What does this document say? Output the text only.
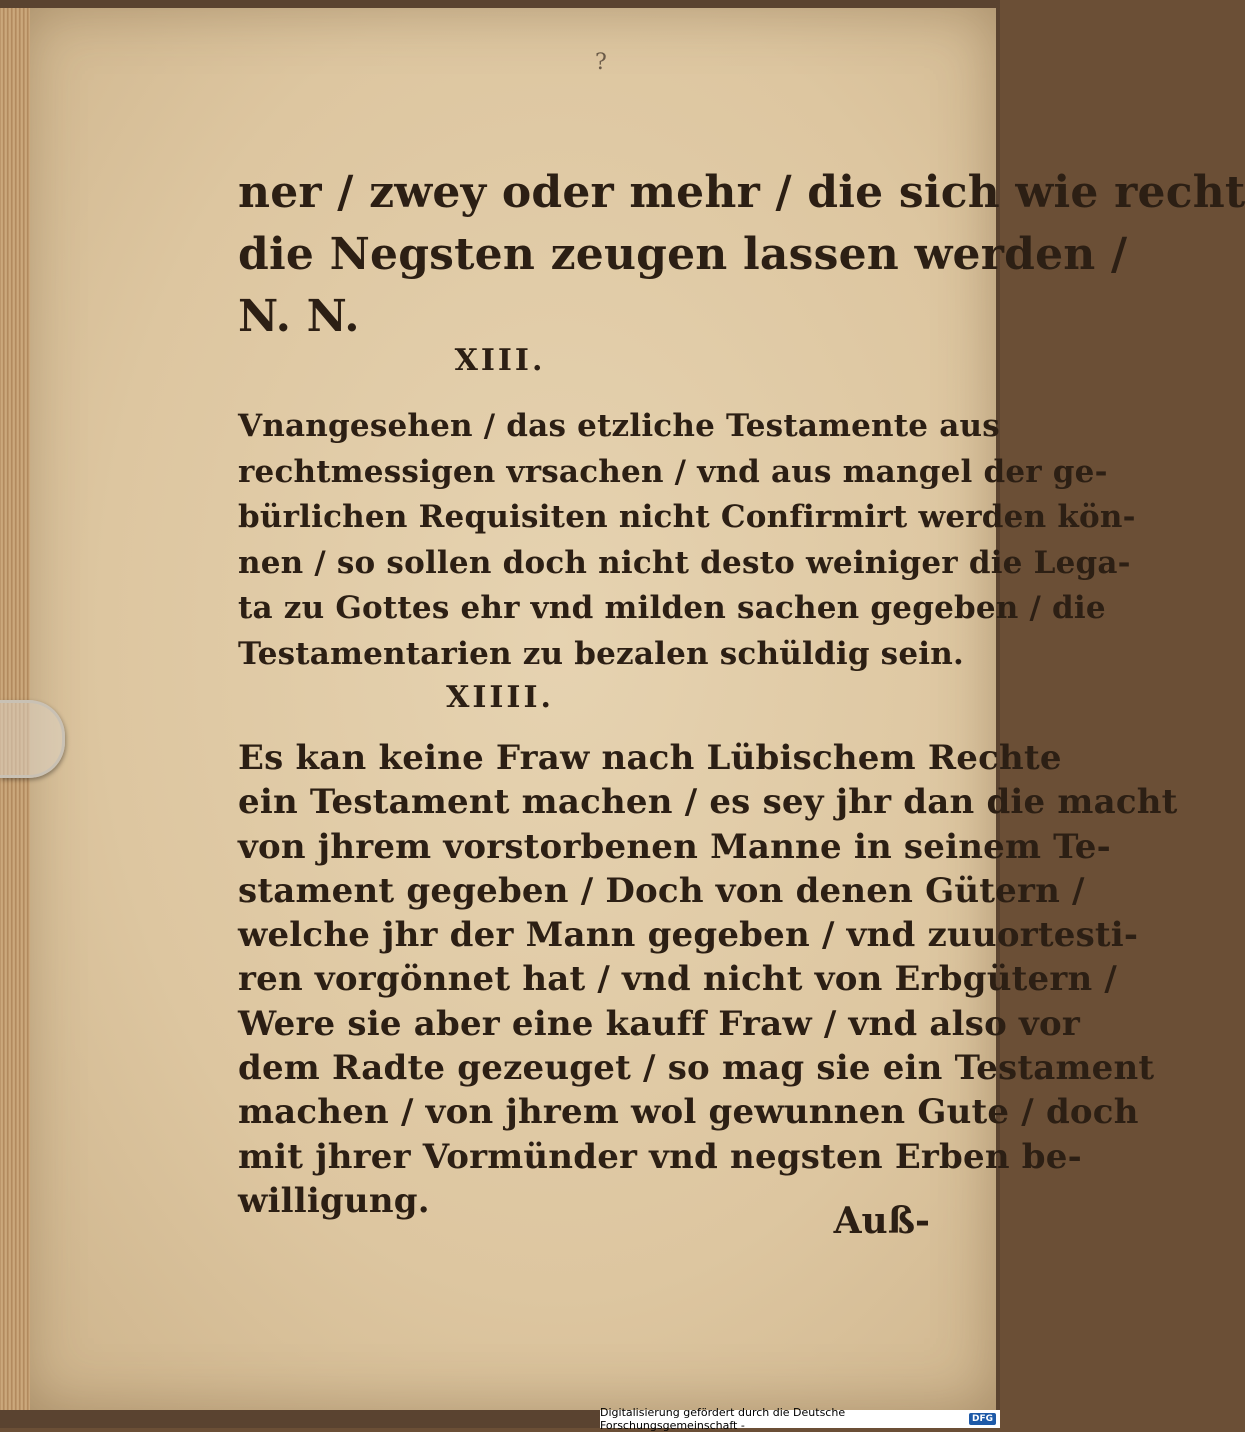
?
ner / zwey oder mehr / die sich wie recht
die Negsten zeugen lassen werden /
N. N.
XIII.
Vnangesehen / das etzliche Testamente aus
rechtmessigen vrsachen / vnd aus mangel der ge-
bürlichen Requisiten nicht Confirmirt werden kön-
nen / so sollen doch nicht desto weiniger die Lega-
ta zu Gottes ehr vnd milden sachen gegeben / die
Testamentarien zu bezalen schüldig sein.
XIIII.
Es kan keine Fraw nach Lübischem Rechte
ein Testament machen / es sey jhr dan die macht
von jhrem vorstorbenen Manne in seinem Te-
stament gegeben / Doch von denen Gütern /
welche jhr der Mann gegeben / vnd zuuortesti-
ren vorgönnet hat / vnd nicht von Erbgütern /
Were sie aber eine kauff Fraw / vnd also vor
dem Radte gezeuget / so mag sie ein Testament
machen / von jhrem wol gewunnen Gute / doch
mit jhrer Vormünder vnd negsten Erben be-
willigung.	Auß-
Digitalisierung gefördert durch die Deutsche Forschungsgemeinschaft -	DFG
